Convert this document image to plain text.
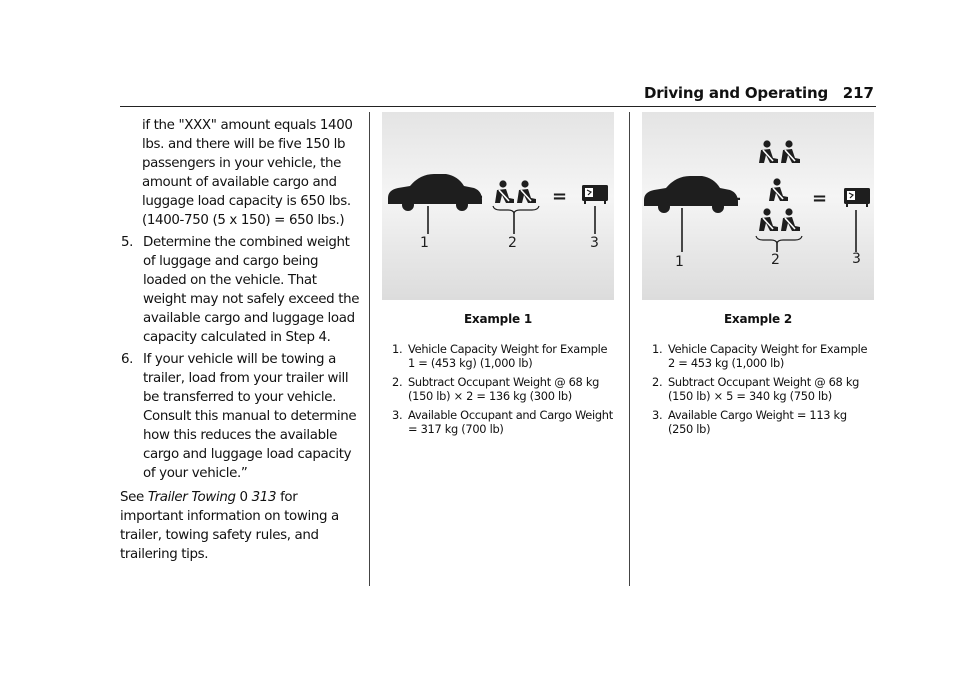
Driving and Operating 217

if the "XXX" amount equals 1400 lbs. and there will be five 150 lb passengers in your vehicle, the amount of available cargo and luggage load capacity is 650 lbs. (1400-750 (5 x 150) = 650 lbs.)

5. Determine the combined weight of luggage and cargo being loaded on the vehicle. That weight may not safely exceed the available cargo and luggage load capacity calculated in Step 4.
6. If your vehicle will be towing a trailer, load from your trailer will be transferred to your vehicle. Consult this manual to determine how this reduces the available cargo and luggage load capacity of your vehicle.”

See Trailer Towing 0 313 for important information on towing a trailer, towing safety rules, and trailering tips.

–	=
1	2	3
Example 1
1. Vehicle Capacity Weight for Example 1 = (453 kg) (1,000 lb)
2. Subtract Occupant Weight @ 68 kg (150 lb) × 2 = 136 kg (300 lb)
3. Available Occupant and Cargo Weight = 317 kg (700 lb)
–	=
1	2	3
Example 2
1. Vehicle Capacity Weight for Example 2 = 453 kg (1,000 lb)
2. Subtract Occupant Weight @ 68 kg (150 lb) × 5 = 340 kg (750 lb)
3. Available Cargo Weight = 113 kg (250 lb)
